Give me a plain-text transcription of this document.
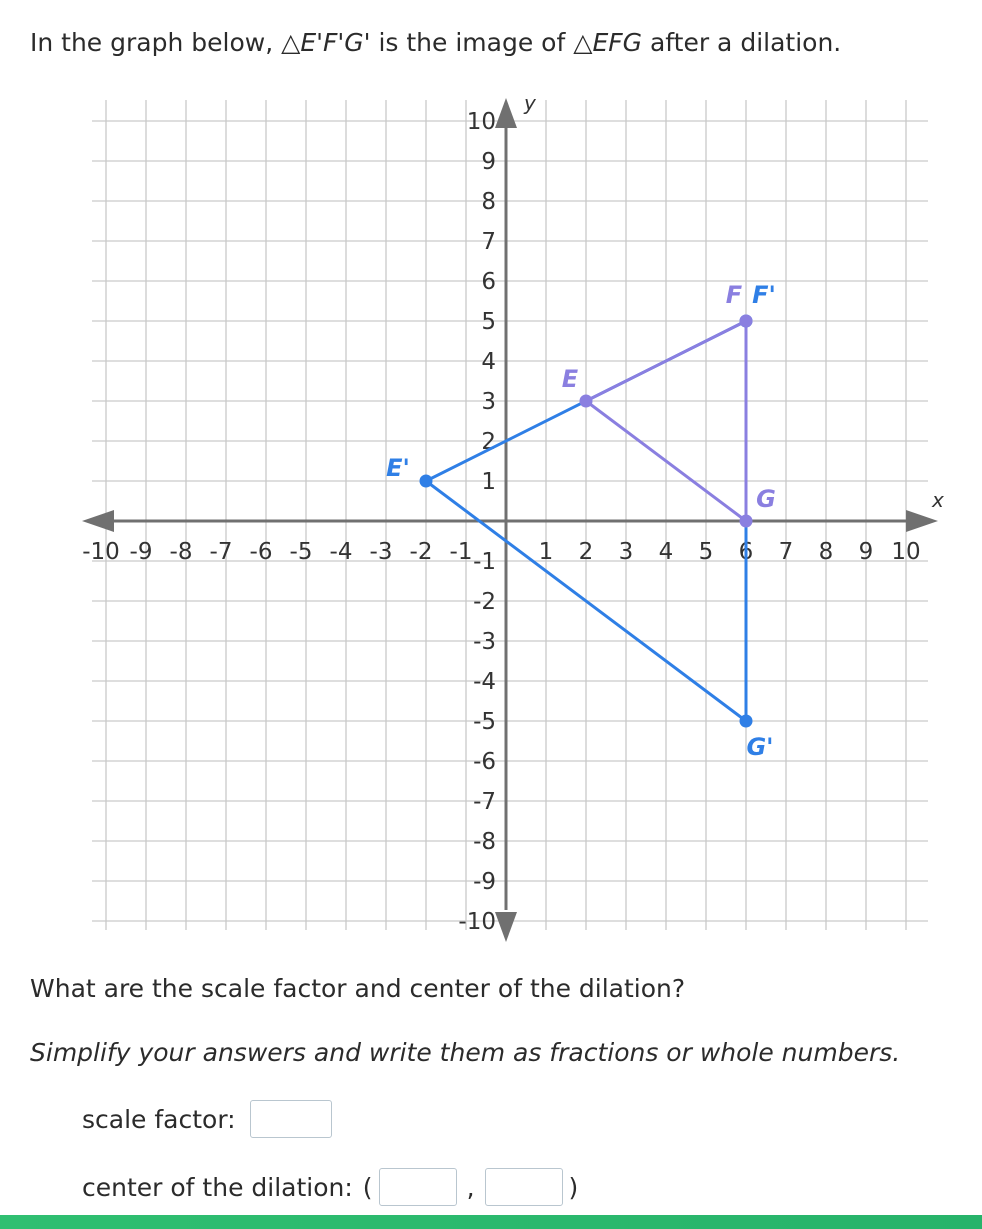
In the graph below, △E'F'G' is the image of △EFG after a dilation.
x
y
-10 -9 -8 -7 -6 -5 -4 -3 -2 -1	1 2 3 4 5 6 7 8 9 10
-10
-9
-8
-7
-6
-5
-4
-3
-2
-1
1
2
3
4
5
6
7
8
9
10
E
F
G
E'
F'
G'
What are the scale factor and center of the dilation?
Simplify your answers and write them as fractions or whole numbers.
scale factor:
center of the dilation: (	,	)
